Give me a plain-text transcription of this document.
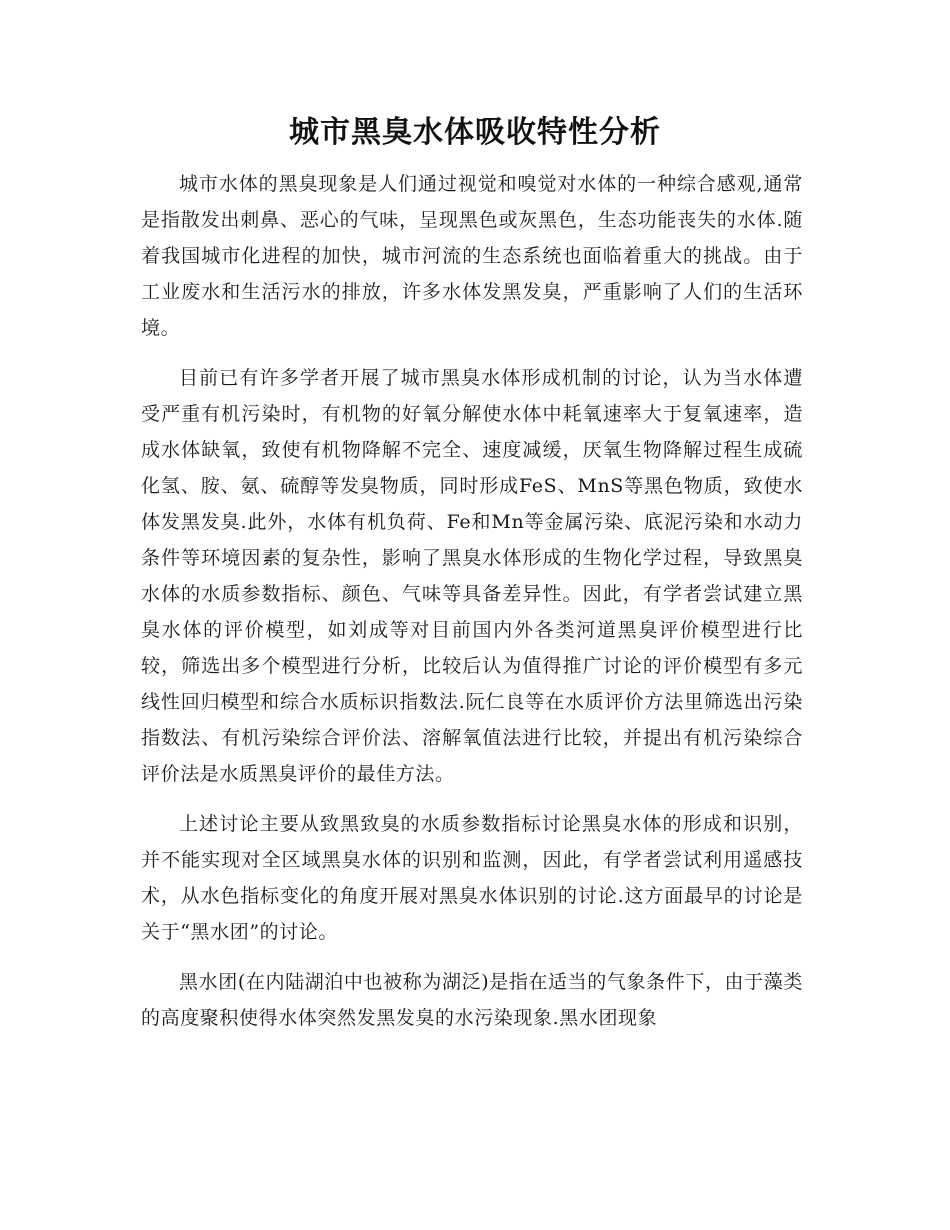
城市黑臭水体吸收特性分析

城市水体的黑臭现象是人们通过视觉和嗅觉对水体的一种综合感观,通常是指散发出刺鼻、恶心的气味，呈现黑色或灰黑色，生态功能丧失的水体.随着我国城市化进程的加快，城市河流的生态系统也面临着重大的挑战。由于工业废水和生活污水的排放，许多水体发黑发臭，严重影响了人们的生活环境。

目前已有许多学者开展了城市黑臭水体形成机制的讨论，认为当水体遭受严重有机污染时，有机物的好氧分解使水体中耗氧速率大于复氧速率，造成水体缺氧，致使有机物降解不完全、速度减缓，厌氧生物降解过程生成硫化氢、胺、氨、硫醇等发臭物质，同时形成FeS、MnS等黑色物质，致使水体发黑发臭.此外，水体有机负荷、Fe和Mn等金属污染、底泥污染和水动力条件等环境因素的复杂性，影响了黑臭水体形成的生物化学过程，导致黑臭水体的水质参数指标、颜色、气味等具备差异性。因此，有学者尝试建立黑臭水体的评价模型，如刘成等对目前国内外各类河道黑臭评价模型进行比较，筛选出多个模型进行分析，比较后认为值得推广讨论的评价模型有多元线性回归模型和综合水质标识指数法.阮仁良等在水质评价方法里筛选出污染指数法、有机污染综合评价法、溶解氧值法进行比较，并提出有机污染综合评价法是水质黑臭评价的最佳方法。

上述讨论主要从致黑致臭的水质参数指标讨论黑臭水体的形成和识别，并不能实现对全区域黑臭水体的识别和监测，因此，有学者尝试利用遥感技术，从水色指标变化的角度开展对黑臭水体识别的讨论.这方面最早的讨论是关于“黑水团”的讨论。

黑水团(在内陆湖泊中也被称为湖泛)是指在适当的气象条件下，由于藻类的高度聚积使得水体突然发黑发臭的水污染现象.黑水团现象
